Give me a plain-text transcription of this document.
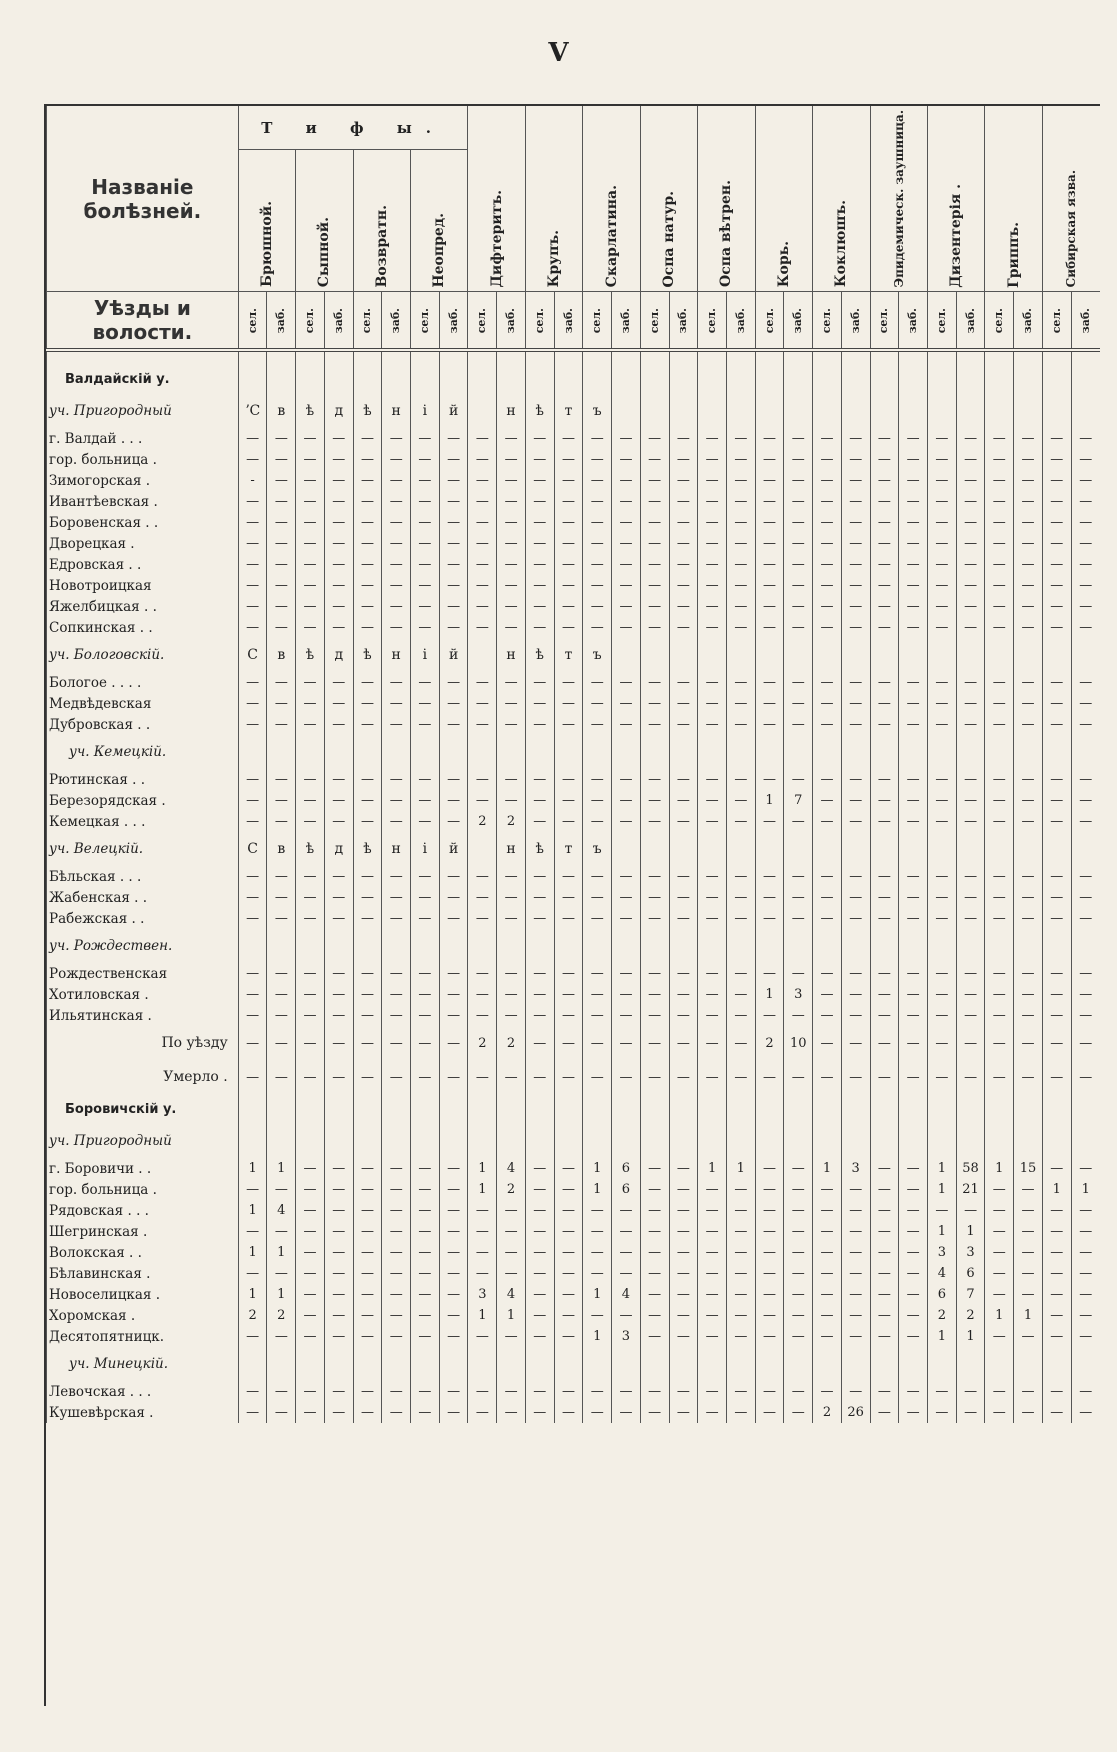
V
Названіе
болѣзней.	Т и ф ы.								Дифтеритъ.		Крупъ.		Скарлатина.		Оспа натур.		Оспа вѣтрен.		Корь.		Коклюшъ.		Эпидемическ. заушница.		Дизентерія .		Гриппъ.		Сибирская язва.	

	Брюшной.		Сыпной.		Возвратн.		Неопред.																							

Уѣзды и
волости.	сел.	заб.	сел.	заб.	сел.	заб.	сел.	заб.	сел.	заб.	сел.	заб.	сел.	заб.	сел.	заб.	сел.	заб.	сел.	заб.	сел.	заб.	сел.	заб.	сел.	заб.	сел.	заб.	сел.	заб.

Валдайскій у.																														
уч. Пригородный	ʼС	в	ѣ	д	ѣ	н	і	й		н	ѣ	т	ъ																	
г. Валдай . . .	—	—	—	—	—	—	—	—	—	—	—	—	—	—	—	—	—	—	—	—	—	—	—	—	—	—	—	—	—	—
гор. больница .	—	—	—	—	—	—	—	—	—	—	—	—	—	—	—	—	—	—	—	—	—	—	—	—	—	—	—	—	—	—
Зимогорская .	-	—	—	—	—	—	—	—	—	—	—	—	—	—	—	—	—	—	—	—	—	—	—	—	—	—	—	—	—	—
Ивантѣевская .	—	—	—	—	—	—	—	—	—	—	—	—	—	—	—	—	—	—	—	—	—	—	—	—	—	—	—	—	—	—
Боровенская . .	—	—	—	—	—	—	—	—	—	—	—	—	—	—	—	—	—	—	—	—	—	—	—	—	—	—	—	—	—	—
Дворецкая .	—	—	—	—	—	—	—	—	—	—	—	—	—	—	—	—	—	—	—	—	—	—	—	—	—	—	—	—	—	—
Едровская . .	—	—	—	—	—	—	—	—	—	—	—	—	—	—	—	—	—	—	—	—	—	—	—	—	—	—	—	—	—	—
Новотроицкая	—	—	—	—	—	—	—	—	—	—	—	—	—	—	—	—	—	—	—	—	—	—	—	—	—	—	—	—	—	—
Яжелбицкая . .	—	—	—	—	—	—	—	—	—	—	—	—	—	—	—	—	—	—	—	—	—	—	—	—	—	—	—	—	—	—
Сопкинская . .	—	—	—	—	—	—	—	—	—	—	—	—	—	—	—	—	—	—	—	—	—	—	—	—	—	—	—	—	—	—
уч. Бологовскій.	С	в	ѣ	д	ѣ	н	і	й		н	ѣ	т	ъ																	
Бологое . . . .	—	—	—	—	—	—	—	—	—	—	—	—	—	—	—	—	—	—	—	—	—	—	—	—	—	—	—	—	—	—
Медвѣдевская	—	—	—	—	—	—	—	—	—	—	—	—	—	—	—	—	—	—	—	—	—	—	—	—	—	—	—	—	—	—
Дубровская . .	—	—	—	—	—	—	—	—	—	—	—	—	—	—	—	—	—	—	—	—	—	—	—	—	—	—	—	—	—	—
уч. Кемецкій.																														
Рютинская . .	—	—	—	—	—	—	—	—	—	—	—	—	—	—	—	—	—	—	—	—	—	—	—	—	—	—	—	—	—	—
Березорядская .	—	—	—	—	—	—	—	—	—	—	—	—	—	—	—	—	—	—	1	7	—	—	—	—	—	—	—	—	—	—
Кемецкая . . .	—	—	—	—	—	—	—	—	2	2	—	—	—	—	—	—	—	—	—	—	—	—	—	—	—	—	—	—	—	—
уч. Велецкій.	С	в	ѣ	д	ѣ	н	і	й		н	ѣ	т	ъ																	
Бѣльская . . .	—	—	—	—	—	—	—	—	—	—	—	—	—	—	—	—	—	—	—	—	—	—	—	—	—	—	—	—	—	—
Жабенская . .	—	—	—	—	—	—	—	—	—	—	—	—	—	—	—	—	—	—	—	—	—	—	—	—	—	—	—	—	—	—
Рабежская . .	—	—	—	—	—	—	—	—	—	—	—	—	—	—	—	—	—	—	—	—	—	—	—	—	—	—	—	—	—	—
уч. Рождествен.																														
Рождественская	—	—	—	—	—	—	—	—	—	—	—	—	—	—	—	—	—	—	—	—	—	—	—	—	—	—	—	—	—	—
Хотиловская .	—	—	—	—	—	—	—	—	—	—	—	—	—	—	—	—	—	—	1	3	—	—	—	—	—	—	—	—	—	—
Ильятинская .	—	—	—	—	—	—	—	—	—	—	—	—	—	—	—	—	—	—	—	—	—	—	—	—	—	—	—	—	—	—
По уѣзду	—	—	—	—	—	—	—	—	2	2	—	—	—	—	—	—	—	—	2	10	—	—	—	—	—	—	—	—	—	—
Умерло .	—	—	—	—	—	—	—	—	—	—	—	—	—	—	—	—	—	—	—	—	—	—	—	—	—	—	—	—	—	—
Боровичскій у.																														
уч. Пригородный																														
г. Боровичи . .	1	1	—	—	—	—	—	—	1	4	—	—	1	6	—	—	1	1	—	—	1	3	—	—	1	58	1	15	—	—
гор. больница .	—	—	—	—	—	—	—	—	1	2	—	—	1	6	—	—	—	—	—	—	—	—	—	—	1	21	—	—	1	1
Рядовская . . .	1	4	—	—	—	—	—	—	—	—	—	—	—	—	—	—	—	—	—	—	—	—	—	—	—	—	—	—	—	—
Шегринская .	—	—	—	—	—	—	—	—	—	—	—	—	—	—	—	—	—	—	—	—	—	—	—	—	1	1	—	—	—	—
Волокская . .	1	1	—	—	—	—	—	—	—	—	—	—	—	—	—	—	—	—	—	—	—	—	—	—	3	3	—	—	—	—
Бѣлавинская .	—	—	—	—	—	—	—	—	—	—	—	—	—	—	—	—	—	—	—	—	—	—	—	—	4	6	—	—	—	—
Новоселицкая .	1	1	—	—	—	—	—	—	3	4	—	—	1	4	—	—	—	—	—	—	—	—	—	—	6	7	—	—	—	—
Хоромская .	2	2	—	—	—	—	—	—	1	1	—	—	—	—	—	—	—	—	—	—	—	—	—	—	2	2	1	1	—	—
Десятопятницк.	—	—	—	—	—	—	—	—	—	—	—	—	1	3	—	—	—	—	—	—	—	—	—	—	1	1	—	—	—	—
уч. Минецкій.																														
Левочская . . .	—	—	—	—	—	—	—	—	—	—	—	—	—	—	—	—	—	—	—	—	—	—	—	—	—	—	—	—	—	—
Кушевѣрская .	—	—	—	—	—	—	—	—	—	—	—	—	—	—	—	—	—	—	—	—	2	26	—	—	—	—	—	—	—	—
